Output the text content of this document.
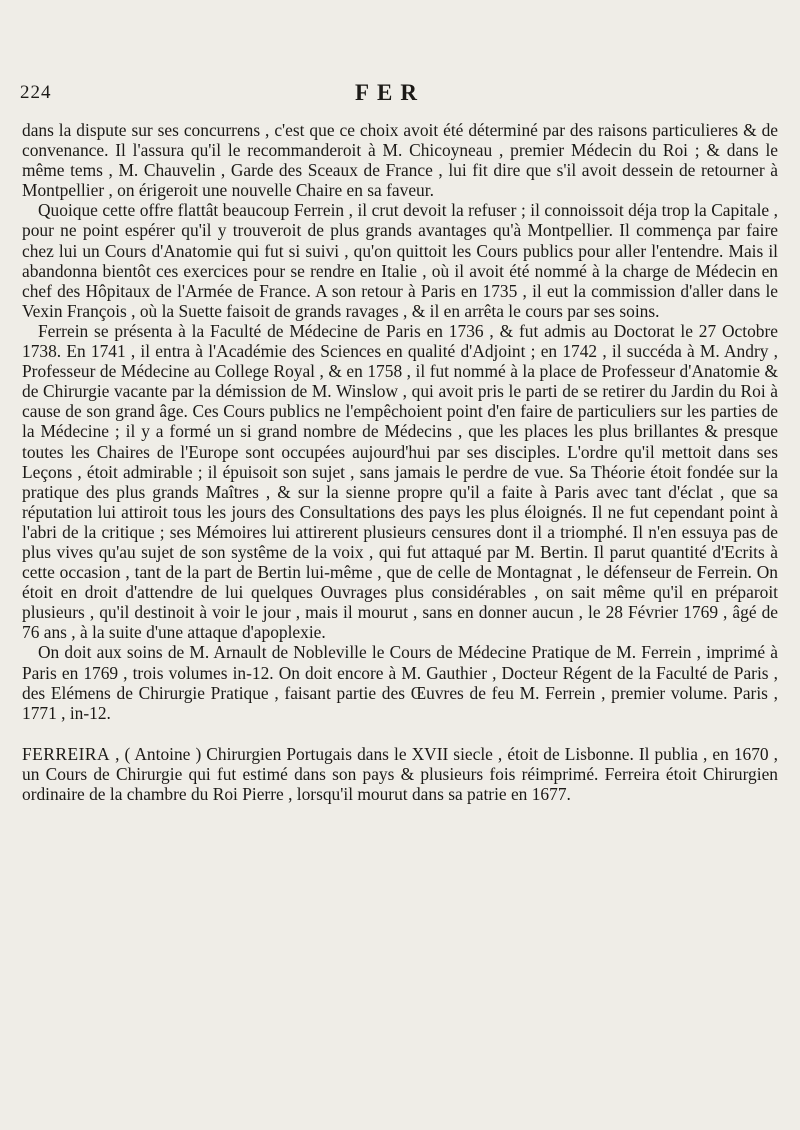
224	FER

dans la dispute sur ses concurrens , c'est que ce choix avoit été déterminé par des raisons particulieres & de convenance. Il l'assura qu'il le recommanderoit à M. Chicoyneau , premier Médecin du Roi ; & dans le même tems , M. Chauvelin , Garde des Sceaux de France , lui fit dire que s'il avoit dessein de retourner à Montpellier , on érigeroit une nouvelle Chaire en sa faveur.

Quoique cette offre flattât beaucoup Ferrein , il crut devoit la refuser ; il connoissoit déja trop la Capitale , pour ne point espérer qu'il y trouveroit de plus grands avantages qu'à Montpellier. Il commença par faire chez lui un Cours d'Anatomie qui fut si suivi , qu'on quittoit les Cours publics pour aller l'entendre. Mais il abandonna bientôt ces exercices pour se rendre en Italie , où il avoit été nommé à la charge de Médecin en chef des Hôpitaux de l'Armée de France. A son retour à Paris en 1735 , il eut la commission d'aller dans le Vexin François , où la Suette faisoit de grands ravages , & il en arrêta le cours par ses soins.

Ferrein se présenta à la Faculté de Médecine de Paris en 1736 , & fut admis au Doctorat le 27 Octobre 1738. En 1741 , il entra à l'Académie des Sciences en qualité d'Adjoint ; en 1742 , il succéda à M. Andry , Professeur de Médecine au College Royal , & en 1758 , il fut nommé à la place de Professeur d'Anatomie & de Chirurgie vacante par la démission de M. Winslow , qui avoit pris le parti de se retirer du Jardin du Roi à cause de son grand âge. Ces Cours publics ne l'empêchoient point d'en faire de particuliers sur les parties de la Médecine ; il y a formé un si grand nombre de Médecins , que les places les plus brillantes & presque toutes les Chaires de l'Europe sont occupées aujourd'hui par ses disciples. L'ordre qu'il mettoit dans ses Leçons , étoit admirable ; il épuisoit son sujet , sans jamais le perdre de vue. Sa Théorie étoit fondée sur la pratique des plus grands Maîtres , & sur la sienne propre qu'il a faite à Paris avec tant d'éclat , que sa réputation lui attiroit tous les jours des Consultations des pays les plus éloignés. Il ne fut cependant point à l'abri de la critique ; ses Mémoires lui attirerent plusieurs censures dont il a triomphé. Il n'en essuya pas de plus vives qu'au sujet de son systême de la voix , qui fut attaqué par M. Bertin. Il parut quantité d'Ecrits à cette occasion , tant de la part de Bertin lui-même , que de celle de Montagnat , le défenseur de Ferrein. On étoit en droit d'attendre de lui quelques Ouvrages plus considérables , on sait même qu'il en préparoit plusieurs , qu'il destinoit à voir le jour , mais il mourut , sans en donner aucun , le 28 Février 1769 , âgé de 76 ans , à la suite d'une attaque d'apoplexie.

On doit aux soins de M. Arnault de Nobleville le Cours de Médecine Pratique de M. Ferrein , imprimé à Paris en 1769 , trois volumes in-12. On doit encore à M. Gauthier , Docteur Régent de la Faculté de Paris , des Elémens de Chirurgie Pratique , faisant partie des Œuvres de feu M. Ferrein , premier volume. Paris , 1771 , in-12.

FERREIRA , ( Antoine ) Chirurgien Portugais dans le XVII siecle , étoit de Lisbonne. Il publia , en 1670 , un Cours de Chirurgie qui fut estimé dans son pays & plusieurs fois réimprimé. Ferreira étoit Chirurgien ordinaire de la chambre du Roi Pierre , lorsqu'il mourut dans sa patrie en 1677.
